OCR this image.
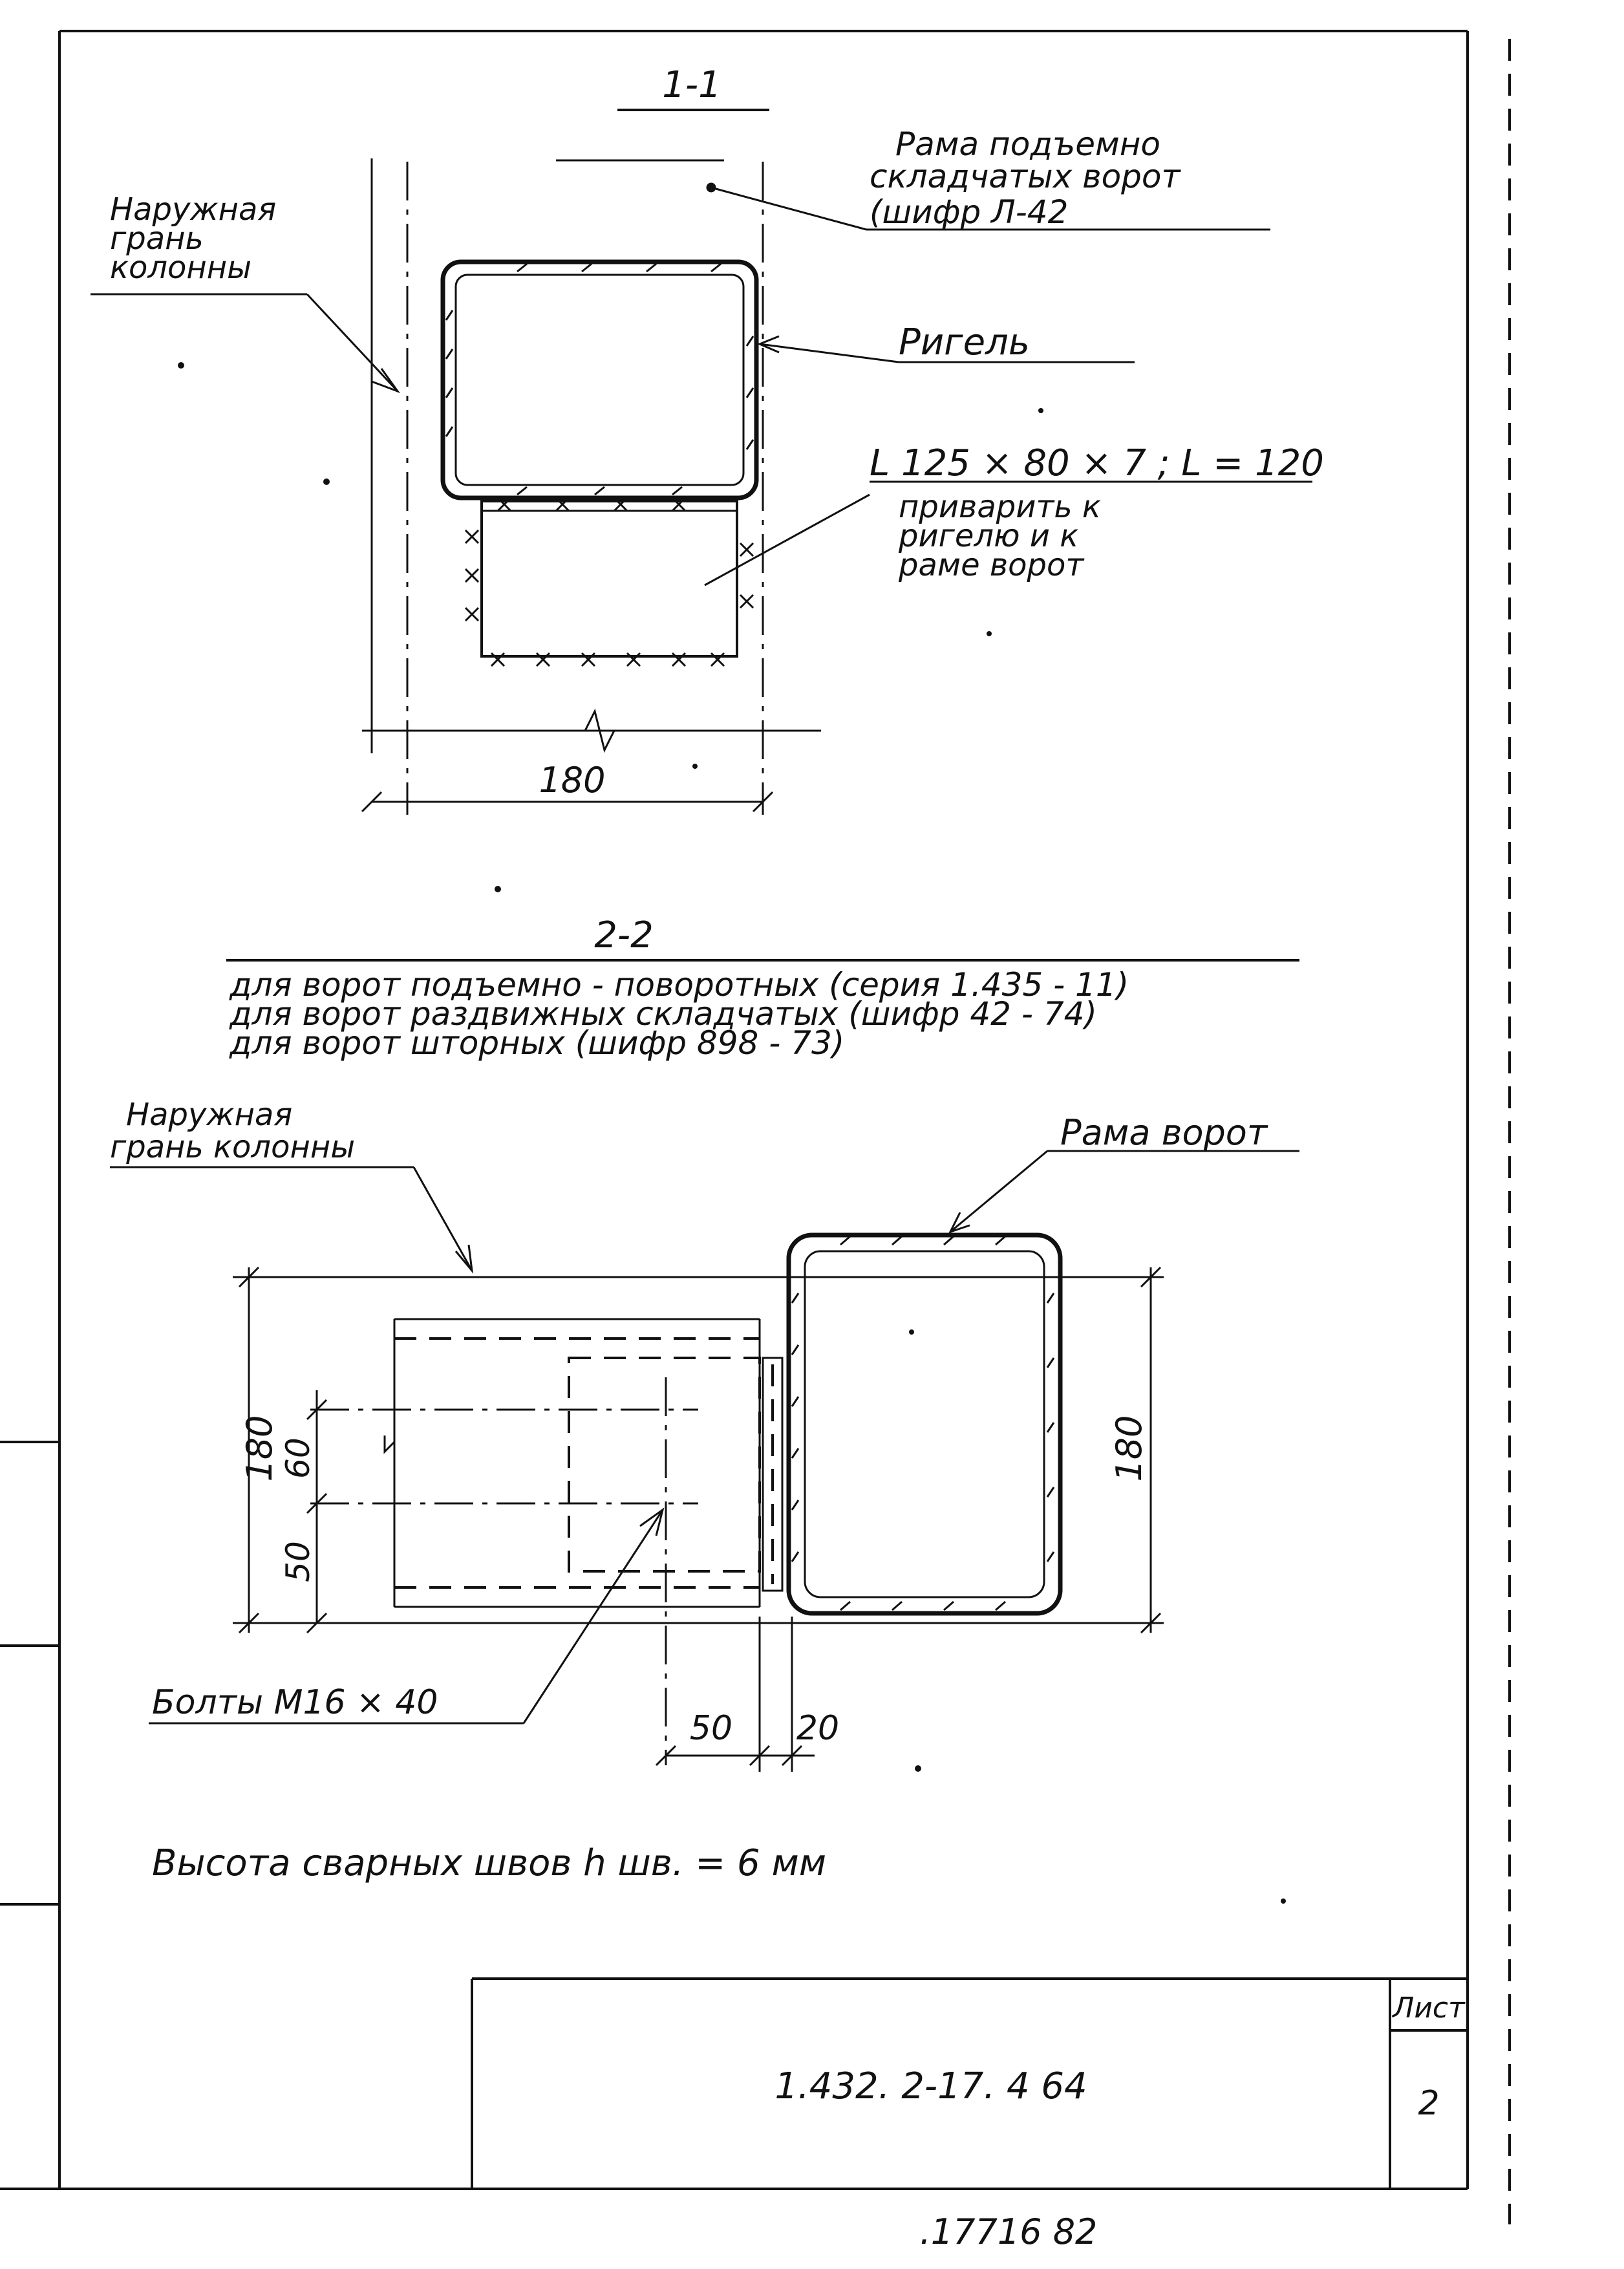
1-1
180
Наружная
грань
колонны
Рама подъемно
складчатых ворот
(шифр Л-42
Ригель
L 125 × 80 × 7 ; L = 120
приварить к
ригелю и к
раме ворот
2-2
для ворот подъемно - поворотных (серия 1.435 - 11)
для ворот раздвижных складчатых (шифр 42 - 74)
для ворот шторных (шифр 898 - 73)
Наружная
грань колонны	Рама ворот
180 60
50
180
50 20
Болты М16 × 40
Высота сварных швов h шв. = 6 мм
1.432. 2-17. 4 64
Лист
2
.17716 82
